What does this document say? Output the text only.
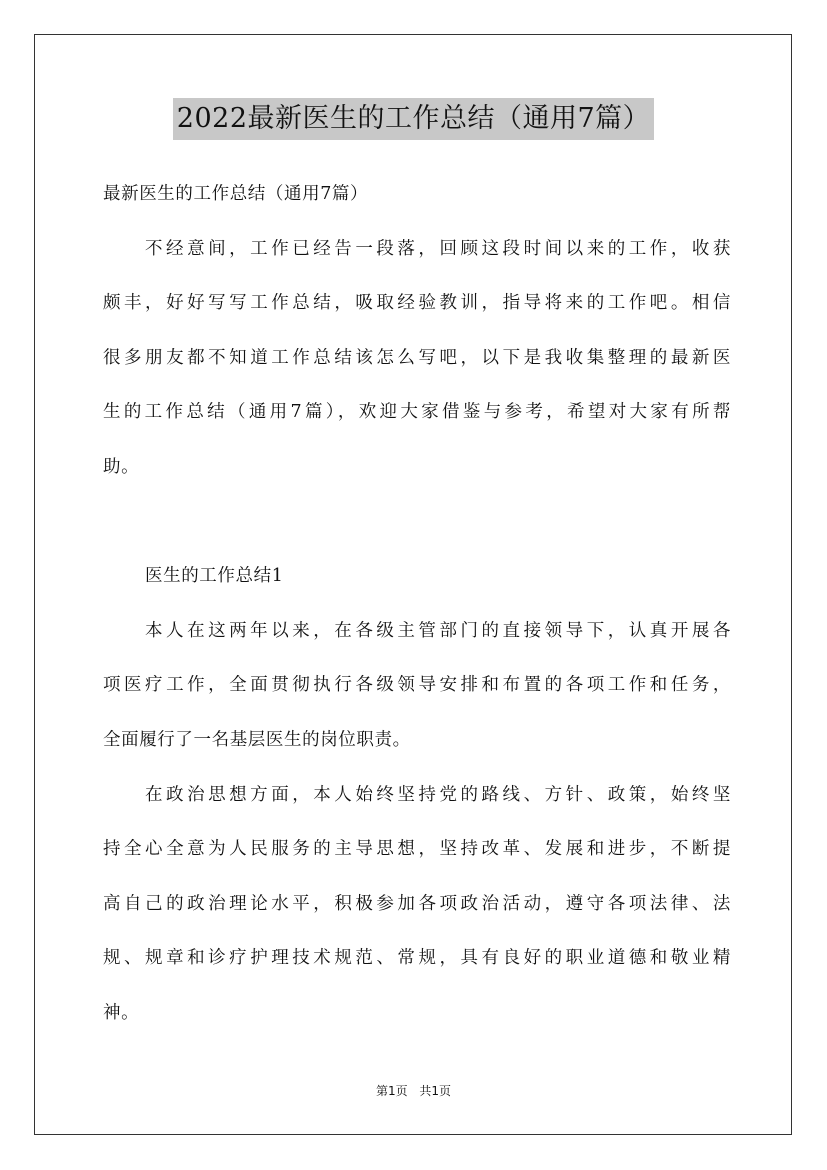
2022最新医生的工作总结（通用7篇）
最新医生的工作总结（通用7篇）
不经意间，工作已经告一段落，回顾这段时间以来的工作，收获
颇丰，好好写写工作总结，吸取经验教训，指导将来的工作吧。相信
很多朋友都不知道工作总结该怎么写吧，以下是我收集整理的最新医
生的工作总结（通用7篇），欢迎大家借鉴与参考，希望对大家有所帮
助。
医生的工作总结1
本人在这两年以来，在各级主管部门的直接领导下，认真开展各
项医疗工作，全面贯彻执行各级领导安排和布置的各项工作和任务，
全面履行了一名基层医生的岗位职责。
在政治思想方面，本人始终坚持党的路线、方针、政策，始终坚
持全心全意为人民服务的主导思想，坚持改革、发展和进步，不断提
高自己的政治理论水平，积极参加各项政治活动，遵守各项法律、法
规、规章和诊疗护理技术规范、常规，具有良好的职业道德和敬业精
神。
第1页 共1页
